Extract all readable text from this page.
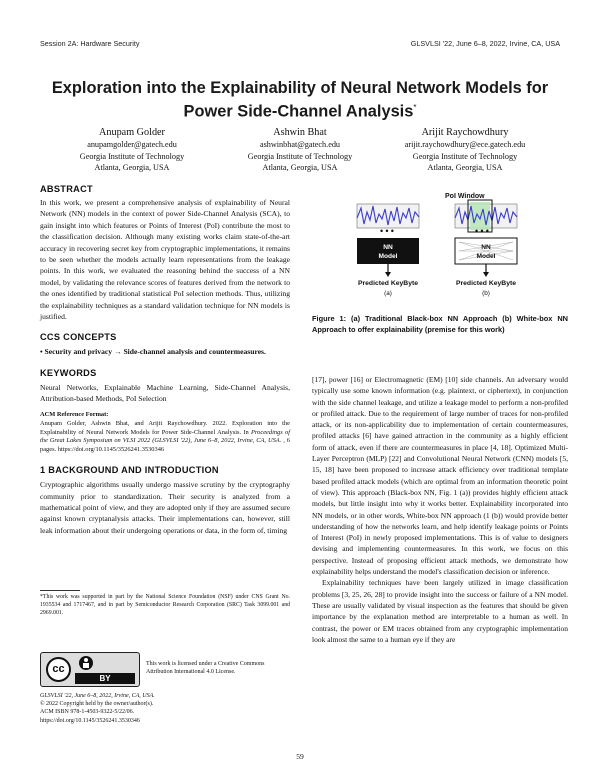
Session 2A: Hardware Security	GLSVLSI '22, June 6–8, 2022, Irvine, CA, USA
Exploration into the Explainability of Neural Network Models for Power Side-Channel Analysis*
Anupam Golder
anupamgolder@gatech.edu
Georgia Institute of Technology
Atlanta, Georgia, USA
Ashwin Bhat
ashwinbhat@gatech.edu
Georgia Institute of Technology
Atlanta, Georgia, USA
Arijit Raychowdhury
arijit.raychowdhury@ece.gatech.edu
Georgia Institute of Technology
Atlanta, Georgia, USA
ABSTRACT
In this work, we present a comprehensive analysis of explainability of Neural Network (NN) models in the context of power Side-Channel Analysis (SCA), to gain insight into which features or Points of Interest (PoI) contribute the most to the classification decision. Although many existing works claim state-of-the-art accuracy in recovering secret key from cryptographic implementations, it remains to be seen whether the models actually learn representations from the leakage points. In this work, we evaluated the reasoning behind the success of a NN model, by validating the relevance scores of features derived from the network to the ones identified by traditional statistical PoI selection methods. Thus, utilizing the explainability techniques as a standard validation technique for NN models is justified.
CCS CONCEPTS
• Security and privacy → Side-channel analysis and countermeasures.
KEYWORDS
Neural Networks, Explainable Machine Learning, Side-Channel Analysis, Attribution-based Methods, PoI Selection
ACM Reference Format:
Anupam Golder, Ashwin Bhat, and Arijit Raychowdhury. 2022. Exploration into the Explainability of Neural Network Models for Power Side-Channel Analysis. In Proceedings of the Great Lakes Symposium on VLSI 2022 (GLSVLSI '22), June 6–8, 2022, Irvine, CA, USA. , 6 pages. https://doi.org/10.1145/3526241.3530346
1 BACKGROUND AND INTRODUCTION
Cryptographic algorithms usually undergo massive scrutiny by the cryptography community prior to standardization. Their security is analyzed from a mathematical point of view, and they are adopted only if they are assumed secure against known cryptanalysis attacks. Their implementations can, however, still leak information about their undergoing operations or data, in the form of, timing
*This work was supported in part by the National Science Foundation (NSF) under CNS Grant No. 1935534 and 1717467, and in part by Semiconductor Research Corporation (SRC) Task 3099.001 and 2969.001.
cc
BY
This work is licensed under a Creative Commons Attribution International 4.0 License.
GLSVLSI '22, June 6–8, 2022, Irvine, CA, USA.
© 2022 Copyright held by the owner/author(s).
ACM ISBN 978-1-4503-9322-5/22/06.
https://doi.org/10.1145/3526241.3530346
PoI Window
• • •	• • •
NN
Model
NN
Model
Predicted KeyByte	Predicted KeyByte
(a)	(b)
Figure 1: (a) Traditional Black-box NN Approach (b) White-box NN Approach to offer explainability (premise for this work)
[17], power [16] or Electromagnetic (EM) [10] side channels. An adversary would typically use some known information (e.g. plaintext, or ciphertext), in conjunction with the side channel leakage, and utilize a leakage model to perform a non-profiled or profiled attack. Due to the requirement of large number of traces for non-profiled attack, or its non-applicability due to implementation of certain countermeasures, profiled attacks [6] have gained attraction in the community as a highly efficient form of attack, even if there are countermeasures in place [4, 18]. Optimized Multi-Layer Perceptron (MLP) [22] and Convolutional Neural Network (CNN) models [5, 15, 18] have been proposed to increase attack efficiency over traditional template based profiled attack models (which are optimal from an information theoretic point of view). This approach (Black-box NN, Fig. 1 (a)) provides highly efficient attack models, but little insight into why it works better. Explainability incorporated into NN models, or in other words, White-box NN approach (1 (b)) would provide better understanding of how the networks learn, and help identify leakage points or Points of Interest (PoI) in newly proposed implementations. This is of value to designers devising and implementing countermeasures. In this work, we focus on this perspective. Instead of proposing efficient attack methods, we demonstrate how explainability helps understand the model's classification decision or inference.
Explainability techniques have been largely utilized in image classification problems [3, 25, 26, 28] to provide insight into the success or failure of a NN model. These are usually validated by visual inspection as the features that should be given importance by the explanation method are interpretable to a human as well. In contrast, the power or EM traces obtained from any cryptographic implementation look almost the same to a human eye if they are
59
